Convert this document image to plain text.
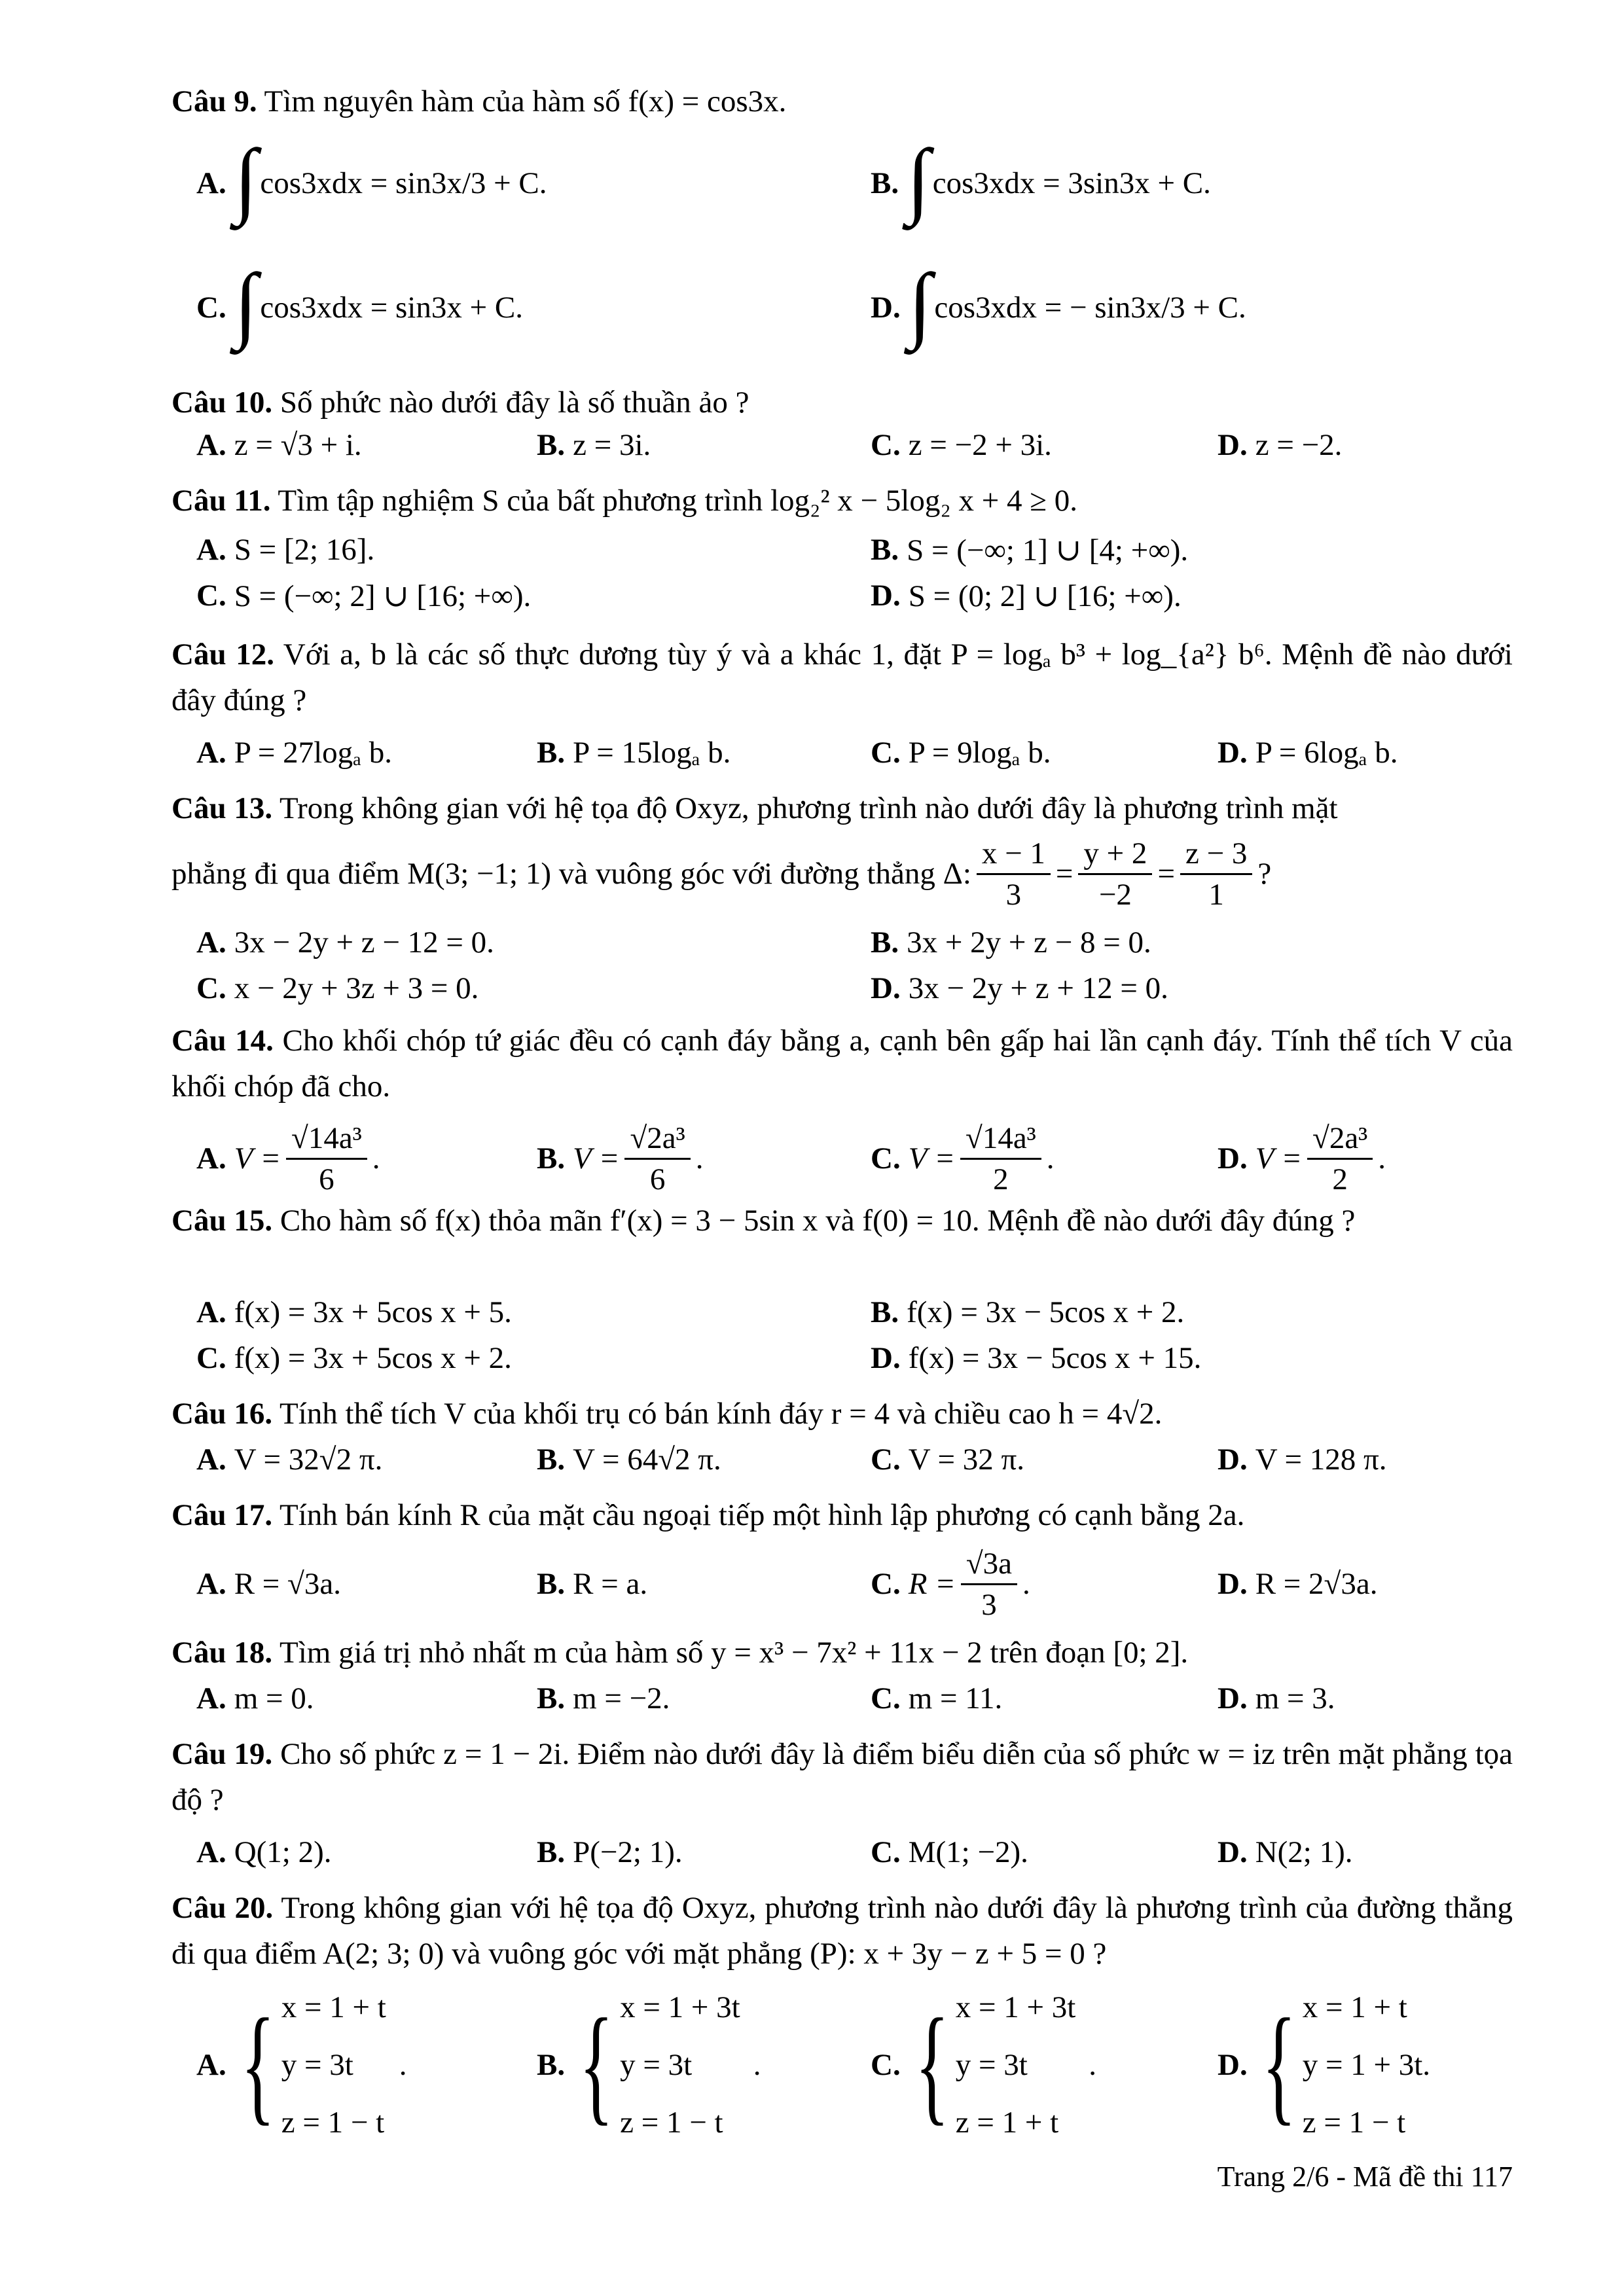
Câu 9. Tìm nguyên hàm của hàm số f(x) = cos3x.
A. ∫ cos3xdx = sin3x/3 + C.	B. ∫ cos3xdx = 3sin3x + C.
C. ∫ cos3xdx = sin3x + C.	D. ∫ cos3xdx = − sin3x/3 + C.
Câu 10. Số phức nào dưới đây là số thuần ảo ?
A. z = √3 + i.	B. z = 3i.	C. z = −2 + 3i.	D. z = −2.
Câu 11. Tìm tập nghiệm S của bất phương trình log₂² x − 5log₂ x + 4 ≥ 0.
A. S = [2; 16].	B. S = (−∞; 1] ∪ [4; +∞).
C. S = (−∞; 2] ∪ [16; +∞).	D. S = (0; 2] ∪ [16; +∞).
Câu 12. Với a, b là các số thực dương tùy ý và a khác 1, đặt P = logₐ b³ + log_{a²} b⁶. Mệnh đề nào dưới đây đúng ?
A. P = 27logₐ b.	B. P = 15logₐ b.	C. P = 9logₐ b.	D. P = 6logₐ b.
Câu 13. Trong không gian với hệ tọa độ Oxyz, phương trình nào dưới đây là phương trình mặt
phẳng đi qua điểm M(3; −1; 1) và vuông góc với đường thẳng Δ: $\frac{x - 1}{3} = \frac{y + 2}{-2} = \frac{z - 3}{1}$ ?
A. 3x − 2y + z − 12 = 0.	B. 3x + 2y + z − 8 = 0.
C. x − 2y + 3z + 3 = 0.	D. 3x − 2y + z + 12 = 0.
Câu 14. Cho khối chóp tứ giác đều có cạnh đáy bằng a, cạnh bên gấp hai lần cạnh đáy. Tính thể tích V của khối chóp đã cho.
A. $V = \frac{\text{√14a³}}{6}$ .	B. $V = \frac{\text{√2a³}}{6}$ .	C. $V = \frac{\text{√14a³}}{2}$ .	D. $V = \frac{\text{√2a³}}{2}$ .
Câu 15. Cho hàm số f(x) thỏa mãn f′(x) = 3 − 5sin x và f(0) = 10. Mệnh đề nào dưới đây đúng ?
A. f(x) = 3x + 5cos x + 5.	B. f(x) = 3x − 5cos x + 2.
C. f(x) = 3x + 5cos x + 2.	D. f(x) = 3x − 5cos x + 15.
Câu 16. Tính thể tích V của khối trụ có bán kính đáy r = 4 và chiều cao h = 4√2.
A. V = 32√2 π.	B. V = 64√2 π.	C. V = 32 π.	D. V = 128 π.
Câu 17. Tính bán kính R của mặt cầu ngoại tiếp một hình lập phương có cạnh bằng 2a.
A. R = √3a.	B. R = a.	C. $R = \frac{√3a}{3}$ .	D. R = 2√3a.
Câu 18. Tìm giá trị nhỏ nhất m của hàm số y = x³ − 7x² + 11x − 2 trên đoạn [0; 2].
A. m = 0.	B. m = −2.	C. m = 11.	D. m = 3.
Câu 19. Cho số phức z = 1 − 2i. Điểm nào dưới đây là điểm biểu diễn của số phức w = iz trên mặt phẳng tọa độ ?
A. Q(1; 2).	B. P(−2; 1).	C. M(1; −2).	D. N(2; 1).
Câu 20. Trong không gian với hệ tọa độ Oxyz, phương trình nào dưới đây là phương trình của đường thẳng đi qua điểm A(2; 3; 0) và vuông góc với mặt phẳng (P): x + 3y − z + 5 = 0 ?
A. { x = 1 + t
y = 3t
z = 1 − t
.	B. { x = 1 + 3t
y = 3t
z = 1 − t
.	C. { x = 1 + 3t
y = 3t
z = 1 + t
.	D. { x = 1 + t
y = 1 + 3t
z = 1 − t
.
Trang 2/6 - Mã đề thi 117
